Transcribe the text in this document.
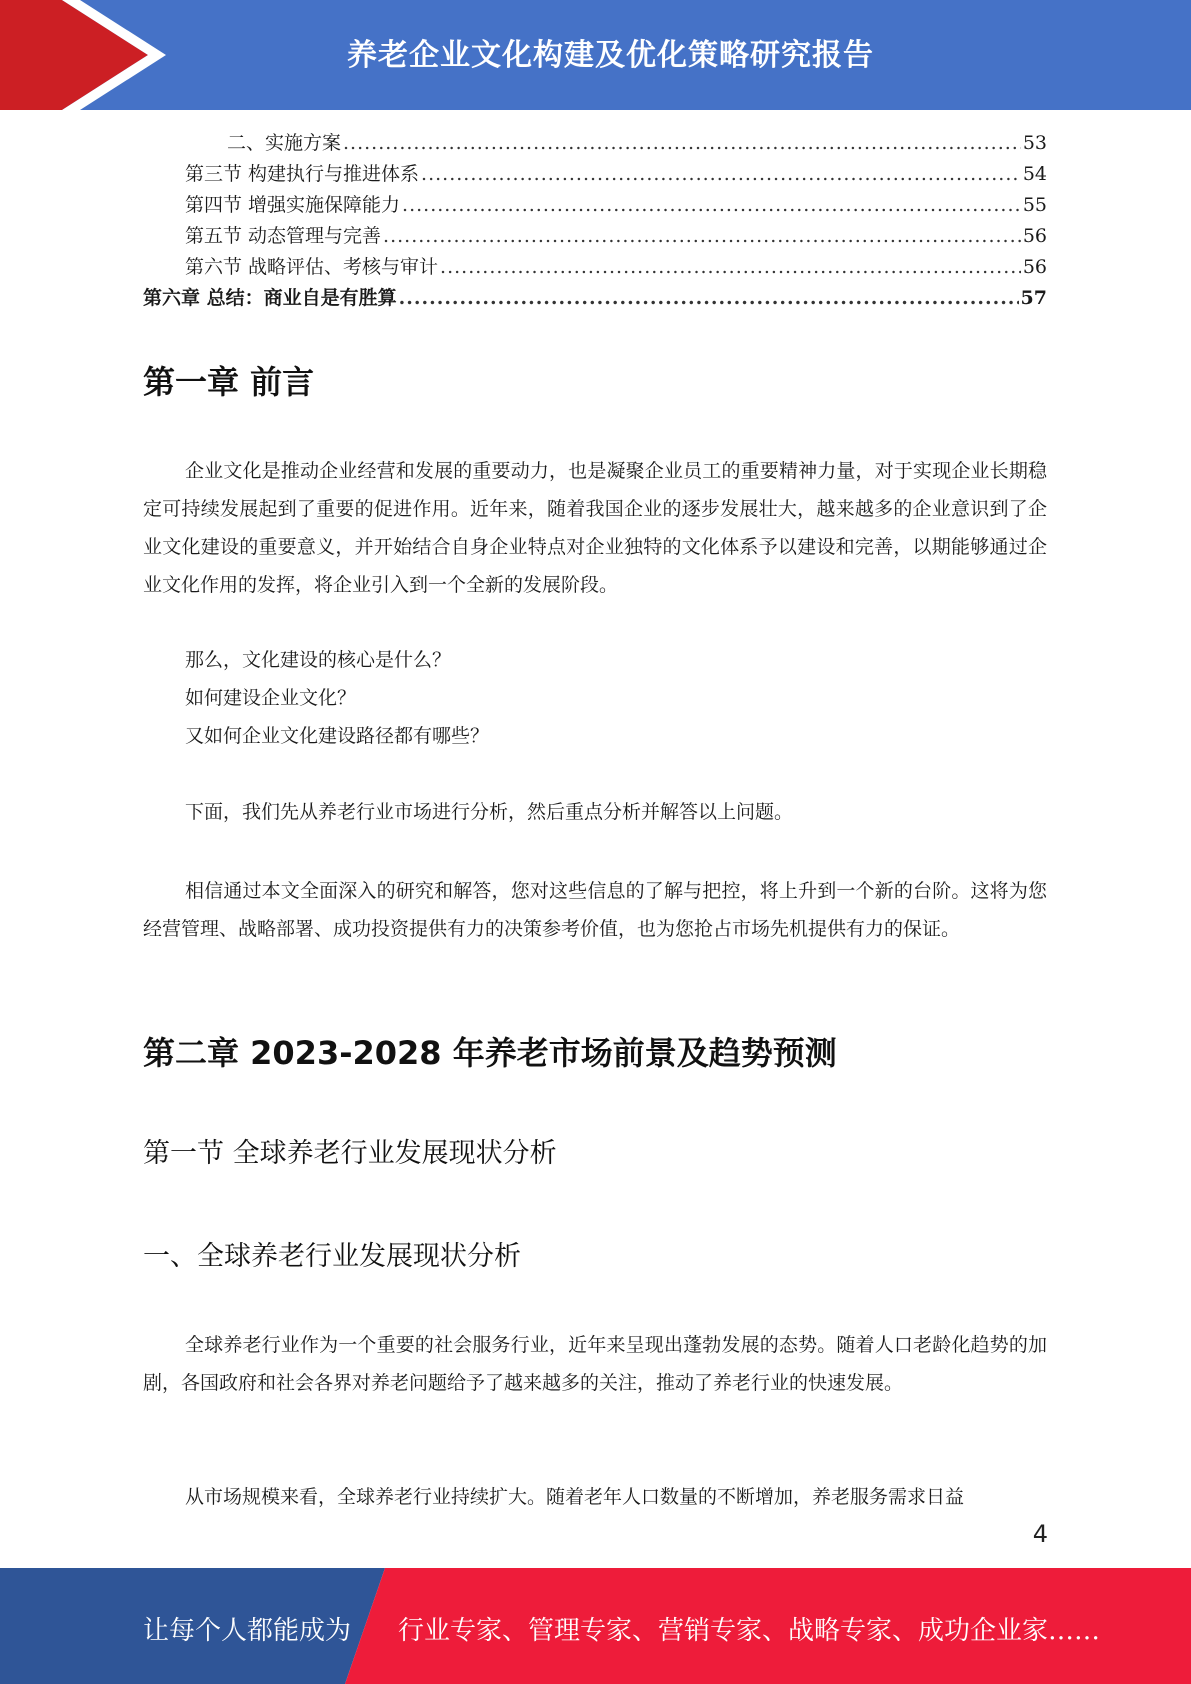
养老企业文化构建及优化策略研究报告
二、实施方案 .....	53
第三节 构建执行与推进体系 .....	54
第四节 增强实施保障能力 .....	55
第五节 动态管理与完善 .....	56
第六节 战略评估、考核与审计 .....	56
第六章 总结：商业自是有胜算 .....	57
第一章 前言

企业文化是推动企业经营和发展的重要动力，也是凝聚企业员工的重要精神力量，对于实现企业长期稳定可持续发展起到了重要的促进作用。近年来，随着我国企业的逐步发展壮大，越来越多的企业意识到了企业文化建设的重要意义，并开始结合自身企业特点对企业独特的文化体系予以建设和完善，以期能够通过企业文化作用的发挥，将企业引入到一个全新的发展阶段。

那么，文化建设的核心是什么？
如何建设企业文化？
又如何企业文化建设路径都有哪些？

下面，我们先从养老行业市场进行分析，然后重点分析并解答以上问题。

相信通过本文全面深入的研究和解答，您对这些信息的了解与把控，将上升到一个新的台阶。这将为您经营管理、战略部署、成功投资提供有力的决策参考价值，也为您抢占市场先机提供有力的保证。

第二章 2023-2028 年养老市场前景及趋势预测
第一节 全球养老行业发展现状分析
一、全球养老行业发展现状分析

全球养老行业作为一个重要的社会服务行业，近年来呈现出蓬勃发展的态势。随着人口老龄化趋势的加剧，各国政府和社会各界对养老问题给予了越来越多的关注，推动了养老行业的快速发展。

从市场规模来看，全球养老行业持续扩大。随着老年人口数量的不断增加，养老服务需求日益

4
让每个人都能成为 行业专家、管理专家、营销专家、战略专家、成功企业家……
